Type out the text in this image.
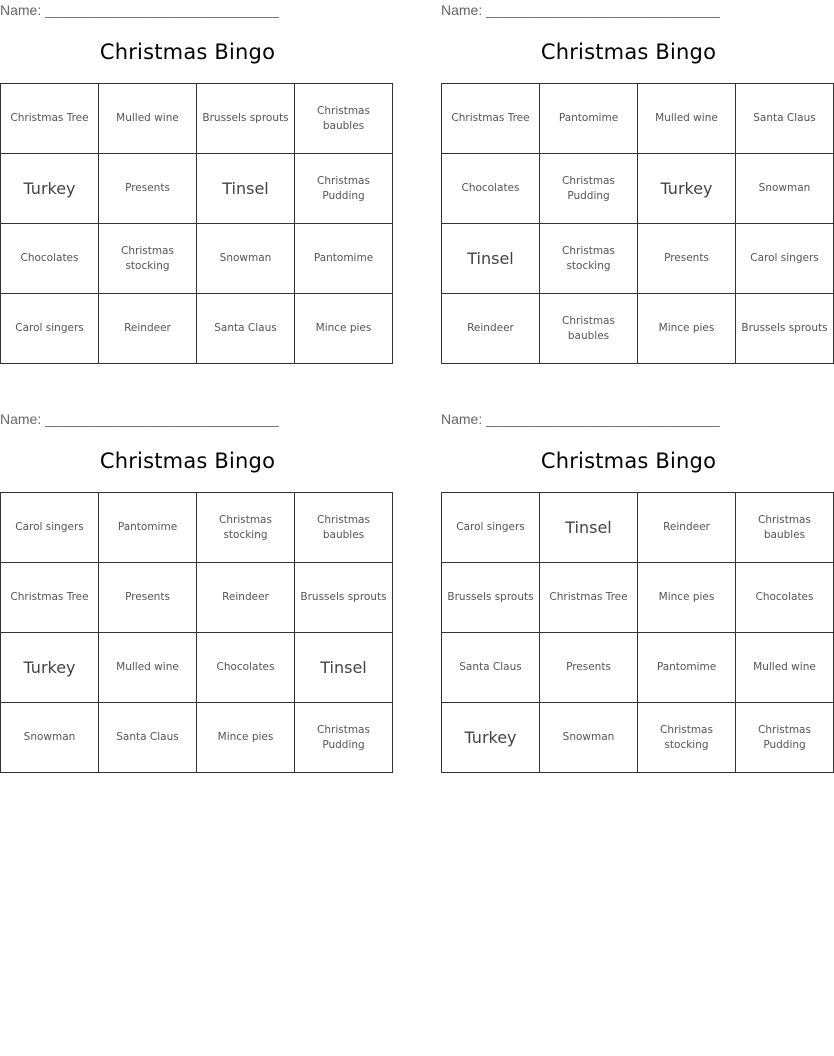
Name: ______________________________
Christmas Bingo
Christmas Tree	Mulled wine	Brussels sprouts	Christmas baubles
Turkey	Presents	Tinsel	Christmas Pudding
Chocolates	Christmas stocking	Snowman	Pantomime
Carol singers	Reindeer	Santa Claus	Mince pies
Name: ______________________________
Christmas Bingo
Christmas Tree	Pantomime	Mulled wine	Santa Claus
Chocolates	Christmas Pudding	Turkey	Snowman
Tinsel	Christmas stocking	Presents	Carol singers
Reindeer	Christmas baubles	Mince pies	Brussels sprouts
Name: ______________________________
Christmas Bingo
Carol singers	Pantomime	Christmas stocking	Christmas baubles
Christmas Tree	Presents	Reindeer	Brussels sprouts
Turkey	Mulled wine	Chocolates	Tinsel
Snowman	Santa Claus	Mince pies	Christmas Pudding
Name: ______________________________
Christmas Bingo
Carol singers	Tinsel	Reindeer	Christmas baubles
Brussels sprouts	Christmas Tree	Mince pies	Chocolates
Santa Claus	Presents	Pantomime	Mulled wine
Turkey	Snowman	Christmas stocking	Christmas Pudding
